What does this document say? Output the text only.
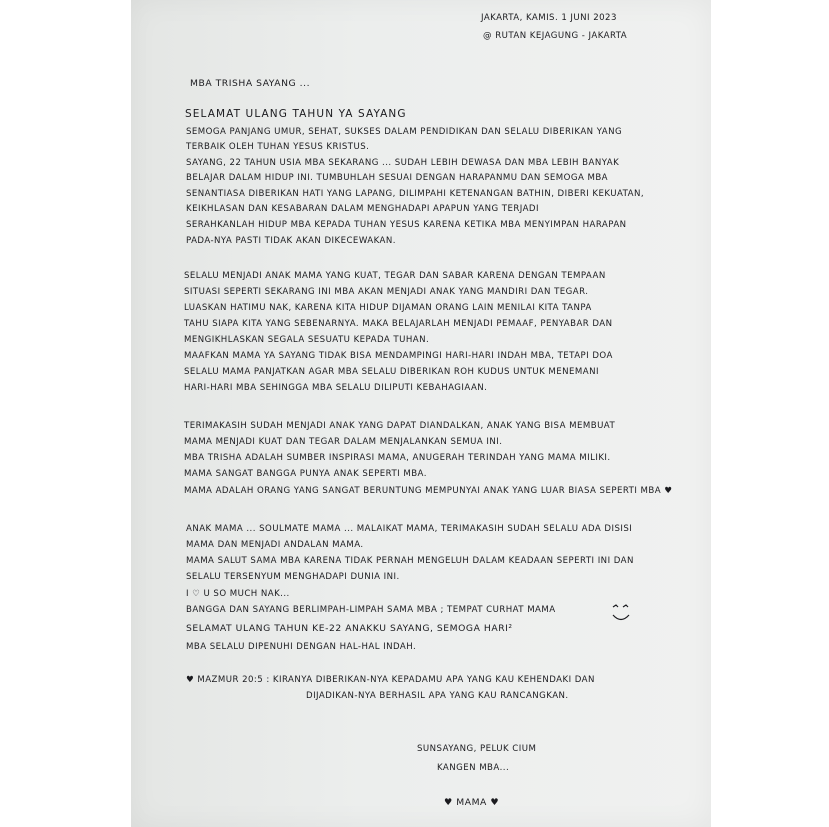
JAKARTA, KAMIS. 1 JUNI 2023
@ RUTAN KEJAGUNG - JAKARTA
MBA TRISHA SAYANG ...
SELAMAT ULANG TAHUN YA SAYANG
SEMOGA PANJANG UMUR, SEHAT, SUKSES DALAM PENDIDIKAN DAN SELALU DIBERIKAN YANG
TERBAIK OLEH TUHAN YESUS KRISTUS.
SAYANG, 22 TAHUN USIA MBA SEKARANG ... SUDAH LEBIH DEWASA DAN MBA LEBIH BANYAK
BELAJAR DALAM HIDUP INI. TUMBUHLAH SESUAI DENGAN HARAPANMU DAN SEMOGA MBA
SENANTIASA DIBERIKAN HATI YANG LAPANG, DILIMPAHI KETENANGAN BATHIN, DIBERI KEKUATAN,
KEIKHLASAN DAN KESABARAN DALAM MENGHADAPI APAPUN YANG TERJADI
SERAHKANLAH HIDUP MBA KEPADA TUHAN YESUS KARENA KETIKA MBA MENYIMPAN HARAPAN
PADA-NYA PASTI TIDAK AKAN DIKECEWAKAN.
SELALU MENJADI ANAK MAMA YANG KUAT, TEGAR DAN SABAR KARENA DENGAN TEMPAAN
SITUASI SEPERTI SEKARANG INI MBA AKAN MENJADI ANAK YANG MANDIRI DAN TEGAR.
LUASKAN HATIMU NAK, KARENA KITA HIDUP DIJAMAN ORANG LAIN MENILAI KITA TANPA
TAHU SIAPA KITA YANG SEBENARNYA. MAKA BELAJARLAH MENJADI PEMAAF, PENYABAR DAN
MENGIKHLASKAN SEGALA SESUATU KEPADA TUHAN.
MAAFKAN MAMA YA SAYANG TIDAK BISA MENDAMPINGI HARI-HARI INDAH MBA, TETAPI DOA
SELALU MAMA PANJATKAN AGAR MBA SELALU DIBERIKAN ROH KUDUS UNTUK MENEMANI
HARI-HARI MBA SEHINGGA MBA SELALU DILIPUTI KEBAHAGIAAN.
TERIMAKASIH SUDAH MENJADI ANAK YANG DAPAT DIANDALKAN, ANAK YANG BISA MEMBUAT
MAMA MENJADI KUAT DAN TEGAR DALAM MENJALANKAN SEMUA INI.
MBA TRISHA ADALAH SUMBER INSPIRASI MAMA, ANUGERAH TERINDAH YANG MAMA MILIKI.
MAMA SANGAT BANGGA PUNYA ANAK SEPERTI MBA.
MAMA ADALAH ORANG YANG SANGAT BERUNTUNG MEMPUNYAI ANAK YANG LUAR BIASA SEPERTI MBA ♥
ANAK MAMA ... SOULMATE MAMA ... MALAIKAT MAMA, TERIMAKASIH SUDAH SELALU ADA DISISI
MAMA DAN MENJADI ANDALAN MAMA.
MAMA SALUT SAMA MBA KARENA TIDAK PERNAH MENGELUH DALAM KEADAAN SEPERTI INI DAN
SELALU TERSENYUM MENGHADAPI DUNIA INI.
I ♡ U SO MUCH NAK...
BANGGA DAN SAYANG BERLIMPAH-LIMPAH SAMA MBA ; TEMPAT CURHAT MAMA
SELAMAT ULANG TAHUN KE-22 ANAKKU SAYANG, SEMOGA HARI²
MBA SELALU DIPENUHI DENGAN HAL-HAL INDAH.
♥ MAZMUR 20:5 : KIRANYA DIBERIKAN-NYA KEPADAMU APA YANG KAU KEHENDAKI DAN
DIJADIKAN-NYA BERHASIL APA YANG KAU RANCANGKAN.
SUNSAYANG, PELUK CIUM
KANGEN MBA...
♥ MAMA ♥
